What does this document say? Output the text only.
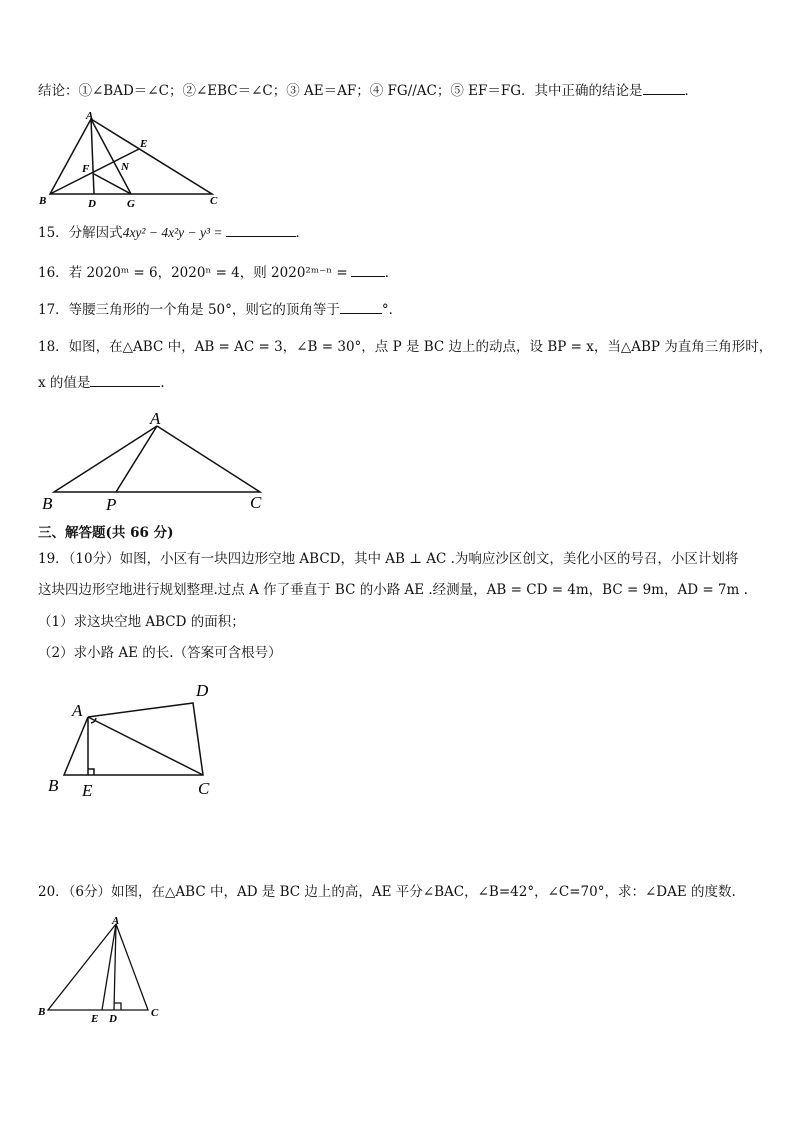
结论：①∠BAD＝∠C；②∠EBC＝∠C；③ AE＝AF；④ FG//AC；⑤ EF＝FG．其中正确的结论是	．
A
E
F	N
B	D	G	C
15．分解因式4xy² − 4x²y − y³ =	．
16．若 2020ᵐ = 6，2020ⁿ = 4，则 2020²ᵐ⁻ⁿ =	．
17．等腰三角形的一个角是 50°，则它的顶角等于	°．
18．如图，在△ABC 中，AB = AC = 3，∠B = 30°，点 P 是 BC 边上的动点，设 BP = x，当△ABP 为直角三角形时，
x 的值是	.
A
B	P	C
三、解答题(共 66 分)
19．（10分）如图，小区有一块四边形空地 ABCD，其中 AB ⊥ AC .为响应沙区创文，美化小区的号召，小区计划将
这块四边形空地进行规划整理.过点 A 作了垂直于 BC 的小路 AE .经测量，AB = CD = 4m，BC = 9m，AD = 7m .
（1）求这块空地 ABCD 的面积；
（2）求小路 AE 的长.（答案可含根号）
A
D
B E	C
20．（6分）如图，在△ABC 中，AD 是 BC 边上的高，AE 平分∠BAC，∠B=42°，∠C=70°，求：∠DAE 的度数.
A
B
E D	C
